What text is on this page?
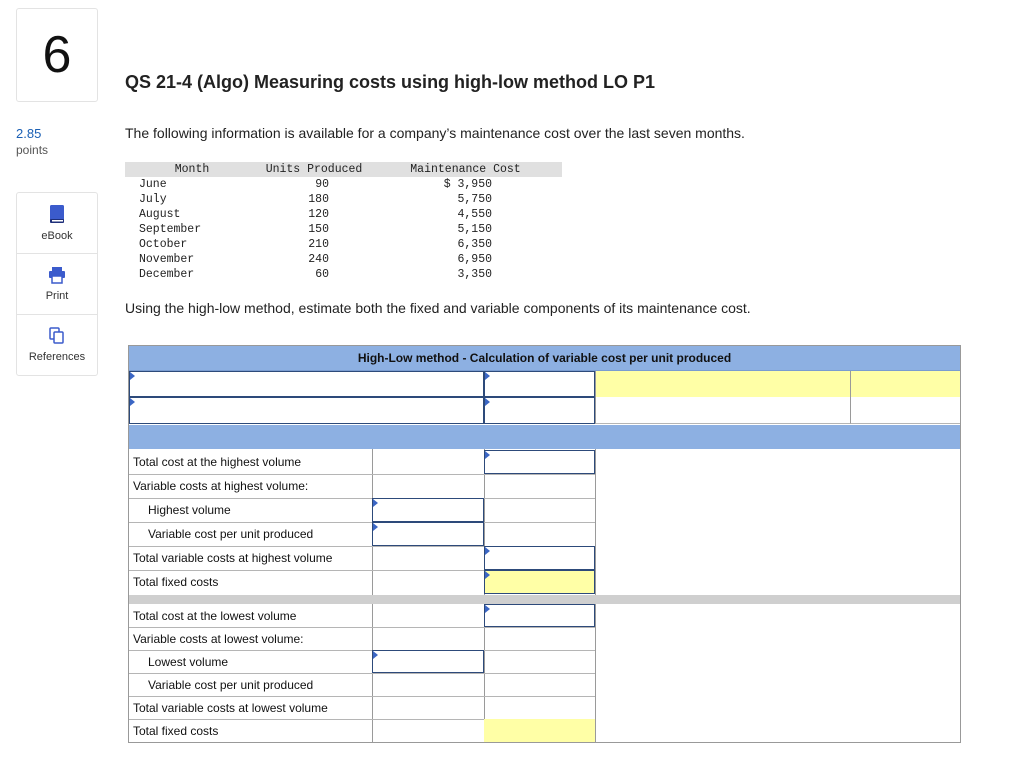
6
2.85
points
eBook
Print
References
QS 21-4 (Algo) Measuring costs using high-low method LO P1
The following information is available for a company’s maintenance cost over the last seven months.
Month	Units Produced	Maintenance Cost
June	90	$ 3,950
July	180	5,750
August	120	4,550
September	150	5,150
October	210	6,350
November	240	6,950
December	60	3,350
Using the high-low method, estimate both the fixed and variable components of its maintenance cost.
High-Low method - Calculation of variable cost per unit produced
Total cost at the highest volume
Variable costs at highest volume:
Highest volume
Variable cost per unit produced
Total variable costs at highest volume
Total fixed costs
Total cost at the lowest volume
Variable costs at lowest volume:
Lowest volume
Variable cost per unit produced
Total variable costs at lowest volume
Total fixed costs
